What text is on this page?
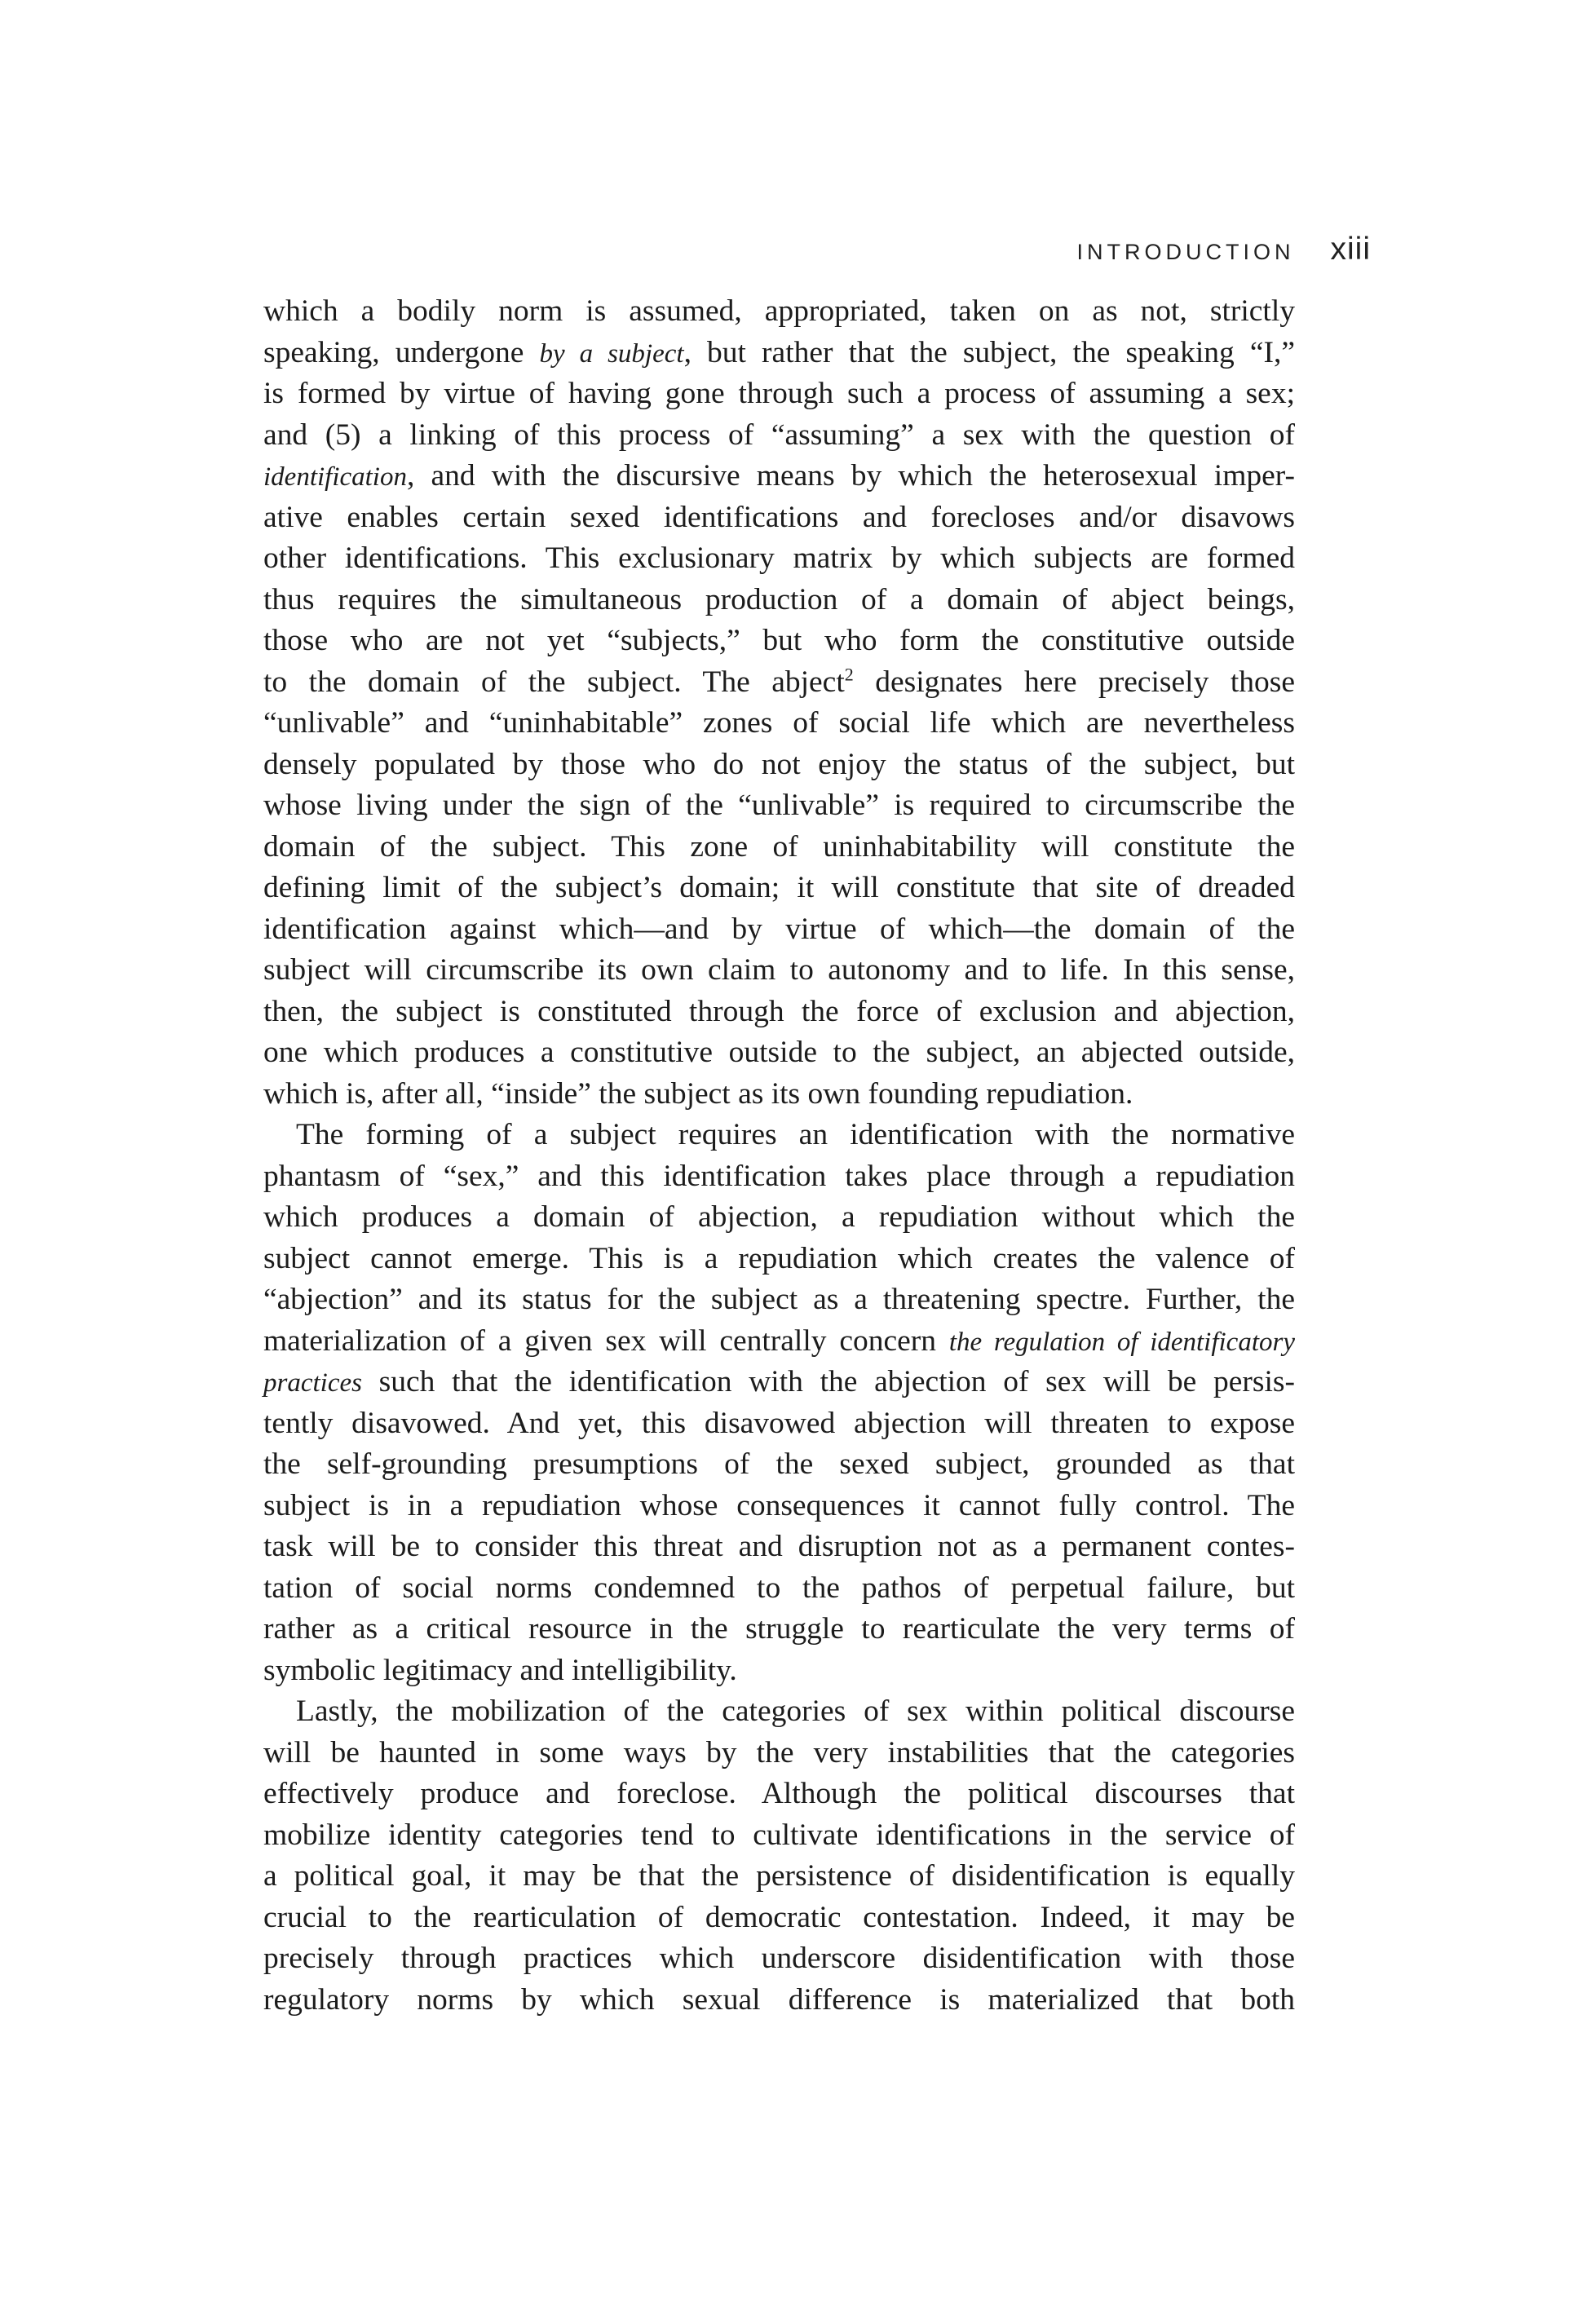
INTRODUCTION xiii
which a bodily norm is assumed, appropriated, taken on as not, strictly
speaking, undergone by a subject, but rather that the subject, the speaking “I,”
is formed by virtue of having gone through such a process of assuming a sex;
and (5) a linking of this process of “assuming” a sex with the question of
identification, and with the discursive means by which the heterosexual imper-
ative enables certain sexed identifications and forecloses and/or disavows
other identifications. This exclusionary matrix by which subjects are formed
thus requires the simultaneous production of a domain of abject beings,
those who are not yet “subjects,” but who form the constitutive outside
to the domain of the subject. The abject$^2$ designates here precisely those
“unlivable” and “uninhabitable” zones of social life which are nevertheless
densely populated by those who do not enjoy the status of the subject, but
whose living under the sign of the “unlivable” is required to circumscribe the
domain of the subject. This zone of uninhabitability will constitute the
defining limit of the subject’s domain; it will constitute that site of dreaded
identification against which—and by virtue of which—the domain of the
subject will circumscribe its own claim to autonomy and to life. In this sense,
then, the subject is constituted through the force of exclusion and abjection,
one which produces a constitutive outside to the subject, an abjected outside,
which is, after all, “inside” the subject as its own founding repudiation.
The forming of a subject requires an identification with the normative
phantasm of “sex,” and this identification takes place through a repudiation
which produces a domain of abjection, a repudiation without which the
subject cannot emerge. This is a repudiation which creates the valence of
“abjection” and its status for the subject as a threatening spectre. Further, the
materialization of a given sex will centrally concern the regulation of identificatory
practices such that the identification with the abjection of sex will be persis-
tently disavowed. And yet, this disavowed abjection will threaten to expose
the self-grounding presumptions of the sexed subject, grounded as that
subject is in a repudiation whose consequences it cannot fully control. The
task will be to consider this threat and disruption not as a permanent contes-
tation of social norms condemned to the pathos of perpetual failure, but
rather as a critical resource in the struggle to rearticulate the very terms of
symbolic legitimacy and intelligibility.
Lastly, the mobilization of the categories of sex within political discourse
will be haunted in some ways by the very instabilities that the categories
effectively produce and foreclose. Although the political discourses that
mobilize identity categories tend to cultivate identifications in the service of
a political goal, it may be that the persistence of disidentification is equally
crucial to the rearticulation of democratic contestation. Indeed, it may be
precisely through practices which underscore disidentification with those
regulatory norms by which sexual difference is materialized that both
